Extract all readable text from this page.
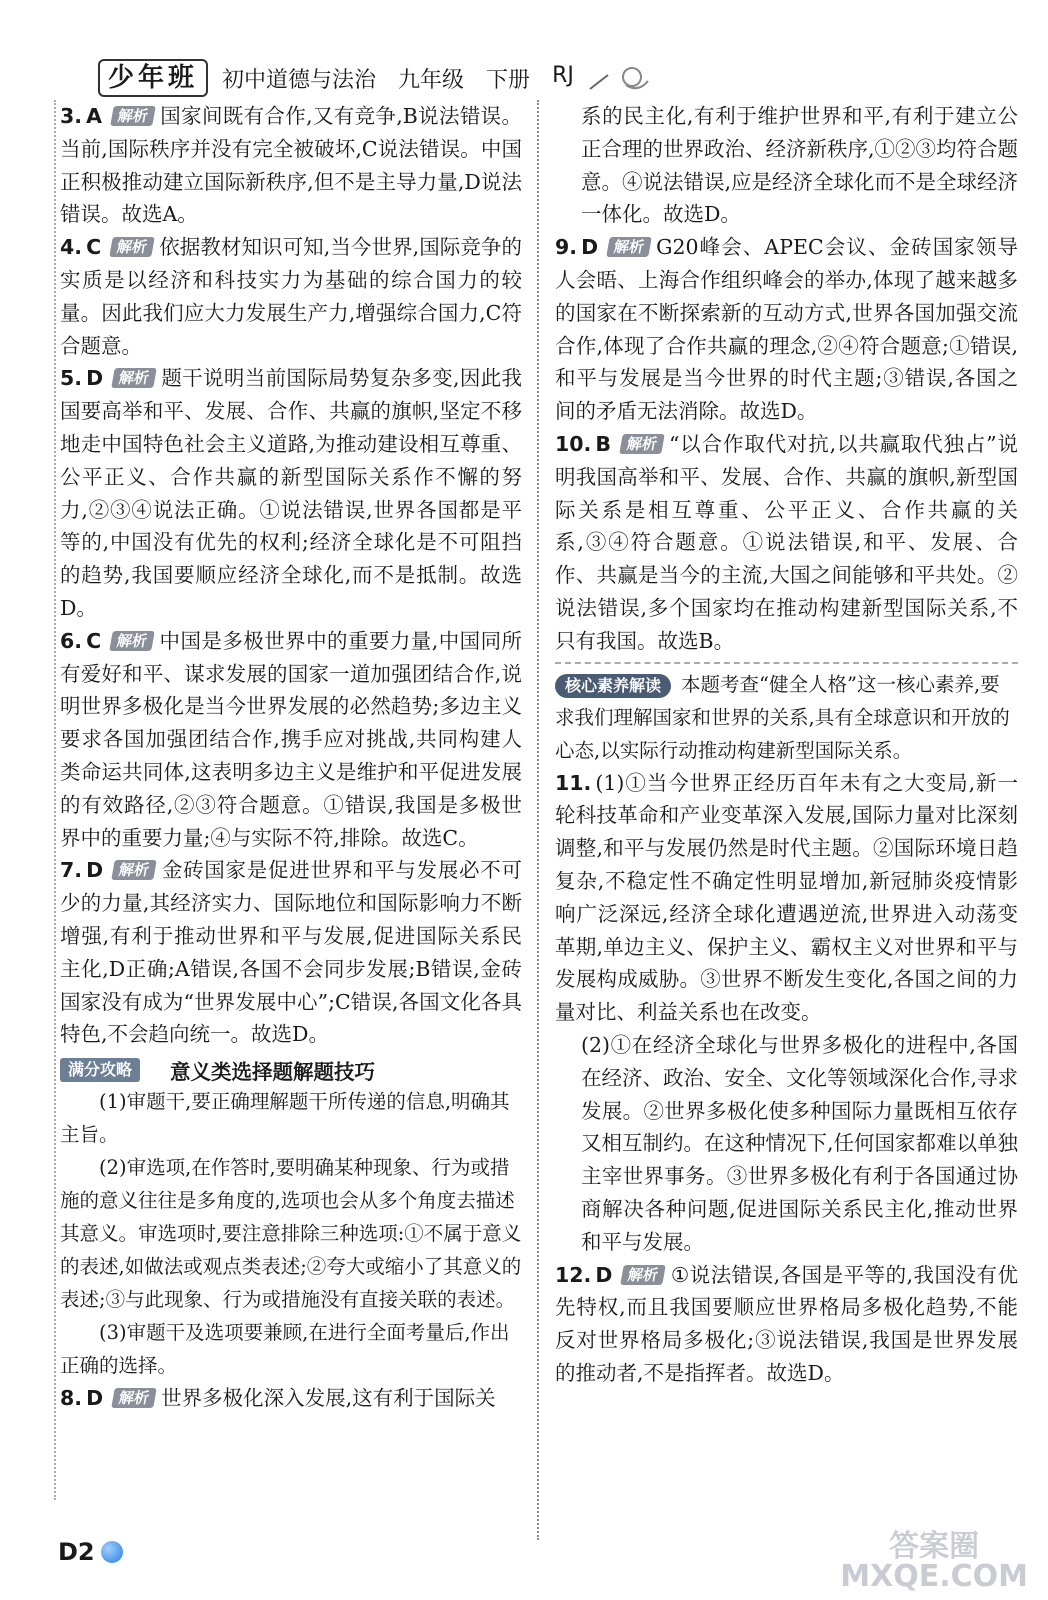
少年班	初中道德与法治 九年级 下册 RJ

3. A 解析 国家间既有合作,又有竞争,B说法错误。当前,国际秩序并没有完全被破坏,C说法错误。中国正积极推动建立国际新秩序,但不是主导力量,D说法错误。故选A。

4. C 解析 依据教材知识可知,当今世界,国际竞争的实质是以经济和科技实力为基础的综合国力的较量。因此我们应大力发展生产力,增强综合国力,C符合题意。

5. D 解析 题干说明当前国际局势复杂多变,因此我国要高举和平、发展、合作、共赢的旗帜,坚定不移地走中国特色社会主义道路,为推动建设相互尊重、公平正义、合作共赢的新型国际关系作不懈的努力,②③④说法正确。①说法错误,世界各国都是平等的,中国没有优先的权利;经济全球化是不可阻挡的趋势,我国要顺应经济全球化,而不是抵制。故选D。

6. C 解析 中国是多极世界中的重要力量,中国同所有爱好和平、谋求发展的国家一道加强团结合作,说明世界多极化是当今世界发展的必然趋势;多边主义要求各国加强团结合作,携手应对挑战,共同构建人类命运共同体,这表明多边主义是维护和平促进发展的有效路径,②③符合题意。①错误,我国是多极世界中的重要力量;④与实际不符,排除。故选C。

7. D 解析 金砖国家是促进世界和平与发展必不可少的力量,其经济实力、国际地位和国际影响力不断增强,有利于推动世界和平与发展,促进国际关系民主化,D正确;A错误,各国不会同步发展;B错误,金砖国家没有成为“世界发展中心”;C错误,各国文化各具特色,不会趋向统一。故选D。

满分攻略	意义类选择题解题技巧

(1)审题干,要正确理解题干所传递的信息,明确其主旨。

(2)审选项,在作答时,要明确某种现象、行为或措施的意义往往是多角度的,选项也会从多个角度去描述其意义。审选项时,要注意排除三种选项:①不属于意义的表述,如做法或观点类表述;②夸大或缩小了其意义的表述;③与此现象、行为或措施没有直接关联的表述。

(3)审题干及选项要兼顾,在进行全面考量后,作出正确的选择。

8. D 解析 世界多极化深入发展,这有利于国际关

系的民主化,有利于维护世界和平,有利于建立公正合理的世界政治、经济新秩序,①②③均符合题意。④说法错误,应是经济全球化而不是全球经济一体化。故选D。

9. D 解析 G20峰会、APEC会议、金砖国家领导人会晤、上海合作组织峰会的举办,体现了越来越多的国家在不断探索新的互动方式,世界各国加强交流合作,体现了合作共赢的理念,②④符合题意;①错误,和平与发展是当今世界的时代主题;③错误,各国之间的矛盾无法消除。故选D。

10. B 解析 “以合作取代对抗,以共赢取代独占”说明我国高举和平、发展、合作、共赢的旗帜,新型国际关系是相互尊重、公平正义、合作共赢的关系,③④符合题意。①说法错误,和平、发展、合作、共赢是当今的主流,大国之间能够和平共处。②说法错误,多个国家均在推动构建新型国际关系,不只有我国。故选B。

核心素养解读 本题考查“健全人格”这一核心素养,要求我们理解国家和世界的关系,具有全球意识和开放的心态,以实际行动推动构建新型国际关系。

11. (1)①当今世界正经历百年未有之大变局,新一轮科技革命和产业变革深入发展,国际力量对比深刻调整,和平与发展仍然是时代主题。②国际环境日趋复杂,不稳定性不确定性明显增加,新冠肺炎疫情影响广泛深远,经济全球化遭遇逆流,世界进入动荡变革期,单边主义、保护主义、霸权主义对世界和平与发展构成威胁。③世界不断发生变化,各国之间的力量对比、利益关系也在改变。

(2)①在经济全球化与世界多极化的进程中,各国在经济、政治、安全、文化等领域深化合作,寻求发展。②世界多极化使多种国际力量既相互依存又相互制约。在这种情况下,任何国家都难以单独主宰世界事务。③世界多极化有利于各国通过协商解决各种问题,促进国际关系民主化,推动世界和平与发展。

12. D 解析 ①说法错误,各国是平等的,我国没有优先特权,而且我国要顺应世界格局多极化趋势,不能反对世界格局多极化;③说法错误,我国是世界发展的推动者,不是指挥者。故选D。

D2	答案圈
MXQE.COM
